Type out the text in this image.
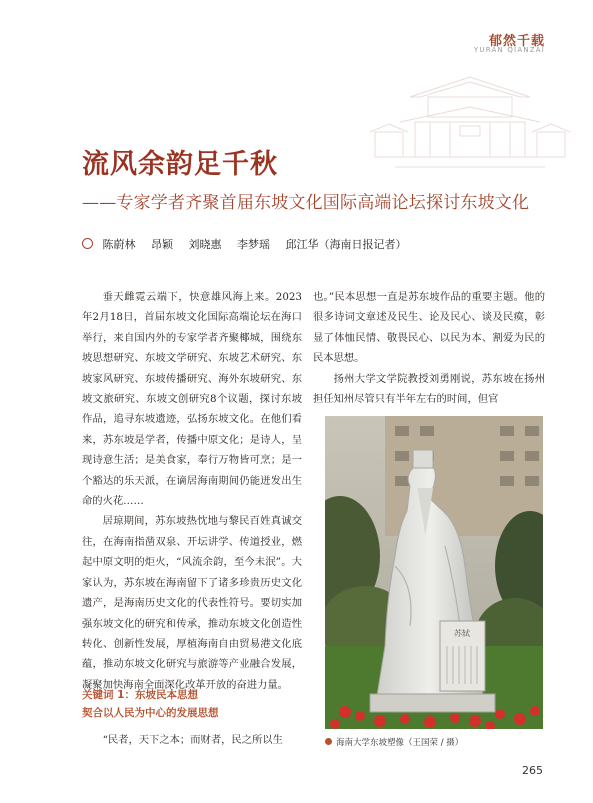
郁然千载
YURAN QIANZAI
流风余韵足千秋
——专家学者齐聚首届东坡文化国际高端论坛探讨东坡文化
陈蔚林 昂颖 刘晓惠 李梦瑶 邱江华（海南日报记者）

垂天雌霓云端下，快意雄风海上来。2023年2月18日，首届东坡文化国际高端论坛在海口举行，来自国内外的专家学者齐聚椰城，围绕东坡思想研究、东坡文学研究、东坡艺术研究、东坡家风研究、东坡传播研究、海外东坡研究、东坡文旅研究、东坡文创研究8个议题，探讨东坡作品，追寻东坡遗迹，弘扬东坡文化。在他们看来，苏东坡是学者，传播中原文化；是诗人，呈现诗意生活；是美食家，奉行万物皆可烹；是一个豁达的乐天派，在谪居海南期间仍能迸发出生命的火花……

居琼期间，苏东坡热忱地与黎民百姓真诚交往，在海南指凿双泉、开坛讲学、传道授业，燃起中原文明的炬火，“风流余韵，至今未泯”。大家认为，苏东坡在海南留下了诸多珍贵历史文化遗产，是海南历史文化的代表性符号。要切实加强东坡文化的研究和传承，推动东坡文化创造性转化、创新性发展，厚植海南自由贸易港文化底蕴，推动东坡文化研究与旅游等产业融合发展，凝聚加快海南全面深化改革开放的奋进力量。

关键词 1：东坡民本思想
契合以人民为中心的发展思想

“民者，天下之本；而财者，民之所以生

也。”民本思想一直是苏东坡作品的重要主题。他的很多诗词文章述及民生、论及民心、谈及民瘼，彰显了体恤民情、敬畏民心、以民为本、割爱为民的民本思想。

扬州大学文学院教授刘勇刚说，苏东坡在扬州担任知州尽管只有半年左右的时间，但官

苏轼
海南大学东坡塑像（王国荣 / 摄）
265
